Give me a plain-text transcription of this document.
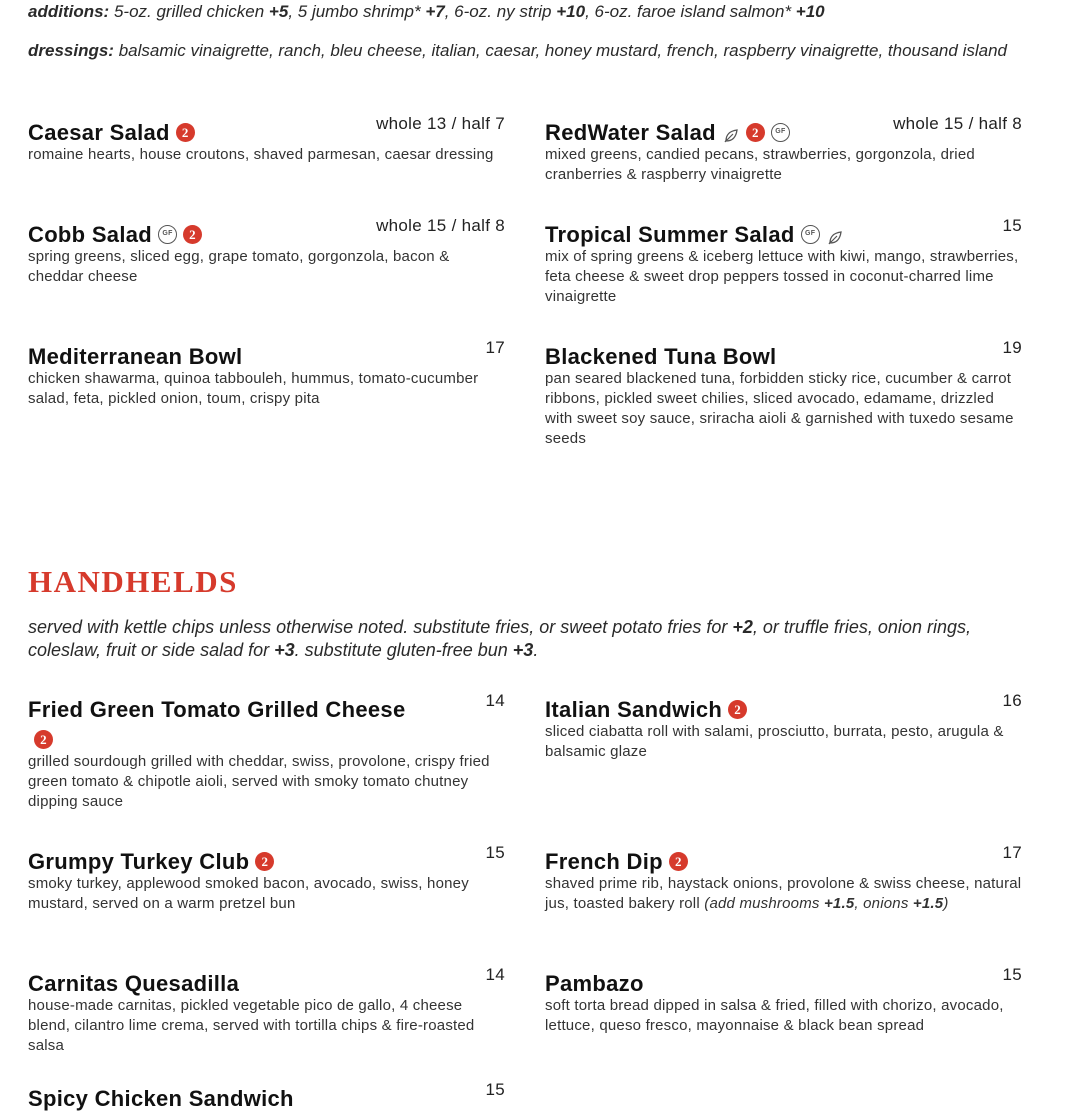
additions: 5-oz. grilled chicken +5, 5 jumbo shrimp* +7, 6-oz. ny strip +10, 6-oz. faroe island salmon* +10
dressings: balsamic vinaigrette, ranch, bleu cheese, italian, caesar, honey mustard, french, raspberry vinaigrette, thousand island
Caesar Salad 2	whole 13 / half 7
romaine hearts, house croutons, shaved parmesan, caesar dressing
RedWater Salad	2 GF	whole 15 / half 8
mixed greens, candied pecans, strawberries, gorgonzola, dried cranberries & raspberry vinaigrette
Cobb Salad GF 2	whole 15 / half 8
spring greens, sliced egg, grape tomato, gorgonzola, bacon & cheddar cheese
Tropical Summer Salad GF	15
mix of spring greens & iceberg lettuce with kiwi, mango, strawberries, feta cheese & sweet drop peppers tossed in coconut-charred lime vinaigrette
Mediterranean Bowl	17
chicken shawarma, quinoa tabbouleh, hummus, tomato-cucumber salad, feta, pickled onion, toum, crispy pita
Blackened Tuna Bowl	19
pan seared blackened tuna, forbidden sticky rice, cucumber & carrot ribbons, pickled sweet chilies, sliced avocado, edamame, drizzled with sweet soy sauce, sriracha aioli & garnished with tuxedo sesame seeds
HANDHELDS
served with kettle chips unless otherwise noted. substitute fries, or sweet potato fries for +2, or truffle fries, onion rings, coleslaw, fruit or side salad for +3. substitute gluten-free bun +3.
Fried Green Tomato Grilled Cheese2
14
grilled sourdough grilled with cheddar, swiss, provolone, crispy fried green tomato & chipotle aioli, served with smoky tomato chutney dipping sauce
Italian Sandwich 2	16
sliced ciabatta roll with salami, prosciutto, burrata, pesto, arugula & balsamic glaze
Grumpy Turkey Club 2	15
smoky turkey, applewood smoked bacon, avocado, swiss, honey mustard, served on a warm pretzel bun
French Dip 2	17
shaved prime rib, haystack onions, provolone & swiss cheese, natural jus, toasted bakery roll (add mushrooms +1.5, onions +1.5)
Carnitas Quesadilla	14
house-made carnitas, pickled vegetable pico de gallo, 4 cheese blend, cilantro lime crema, served with tortilla chips & fire-roasted salsa
Pambazo	15
soft torta bread dipped in salsa & fried, filled with chorizo, avocado, lettuce, queso fresco, mayonnaise & black bean spread
Spicy Chicken Sandwich	15
